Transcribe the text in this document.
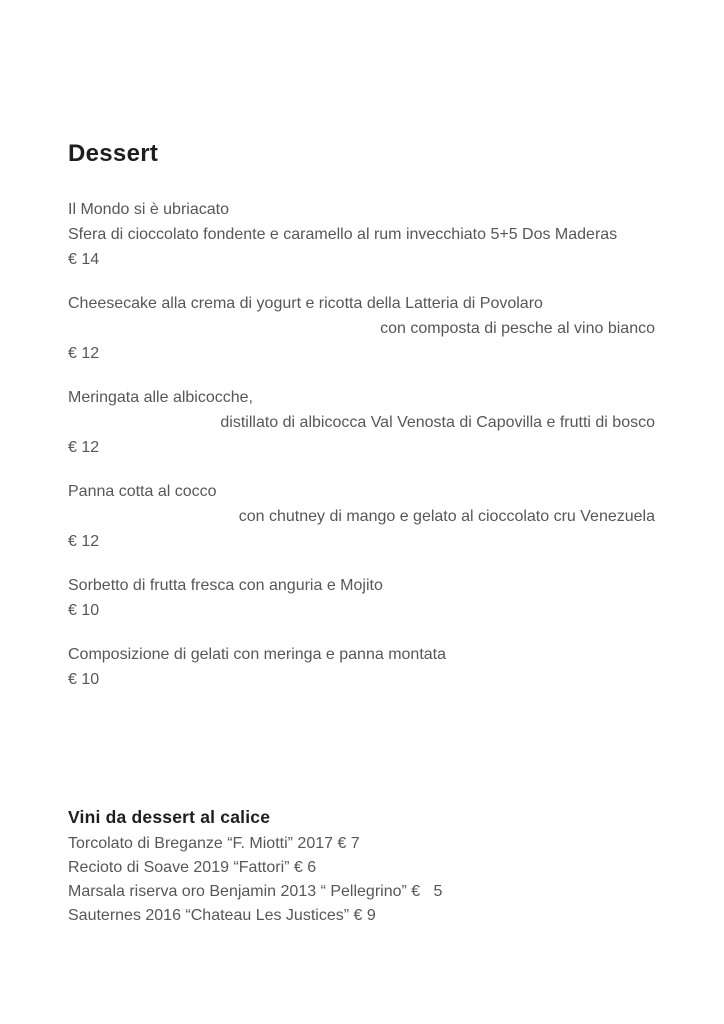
Dessert
Il Mondo si è ubriacato
Sfera di cioccolato fondente e caramello al rum invecchiato 5+5 Dos Maderas
€ 14
Cheesecake alla crema di yogurt e ricotta della Latteria di Povolaro
con composta di pesche al vino bianco
€ 12
Meringata alle albicocche,
distillato di albicocca Val Venosta di Capovilla e frutti di bosco
€ 12
Panna cotta al cocco
con chutney di mango e gelato al cioccolato cru Venezuela
€ 12
Sorbetto di frutta fresca con anguria e Mojito
€ 10
Composizione di gelati con meringa e panna montata
€ 10
Vini da dessert al calice
Torcolato di Breganze “F. Miotti” 2017 € 7
Recioto di Soave 2019 “Fattori” € 6
Marsala riserva oro Benjamin 2013 “ Pellegrino” €   5
Sauternes 2016 “Chateau Les Justices” € 9
